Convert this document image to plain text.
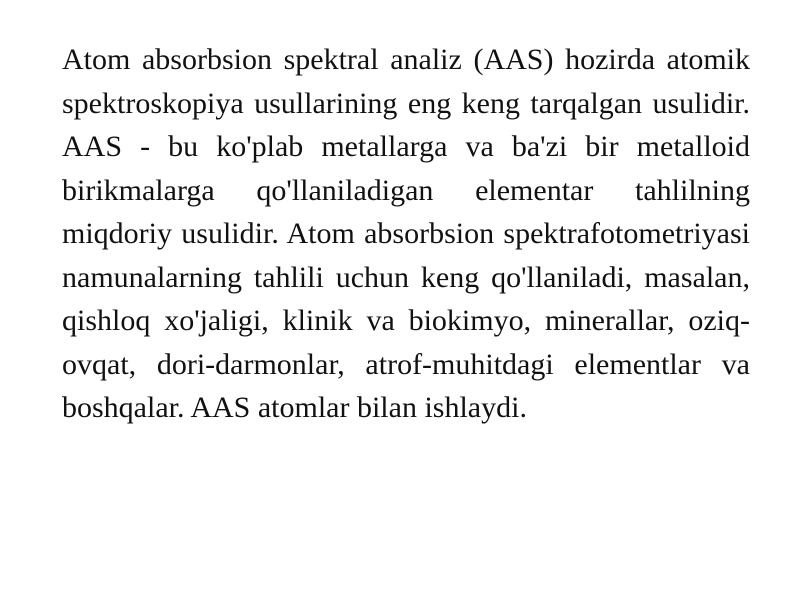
Atom absorbsion spektral analiz (AAS) hozirda atomik spektroskopiya usullarining eng keng tarqalgan usulidir. AAS - bu ko'plab metallarga va ba'zi bir metalloid birikmalarga qo'llaniladigan elementar tahlilning miqdoriy usulidir. Atom absorbsion spektrafotometriyasi namunalarning tahlili uchun keng qo'llaniladi, masalan, qishloq xo'jaligi, klinik va biokimyo, minerallar, oziq-ovqat, dori-darmonlar, atrof-muhitdagi elementlar va boshqalar. AAS atomlar bilan ishlaydi.
